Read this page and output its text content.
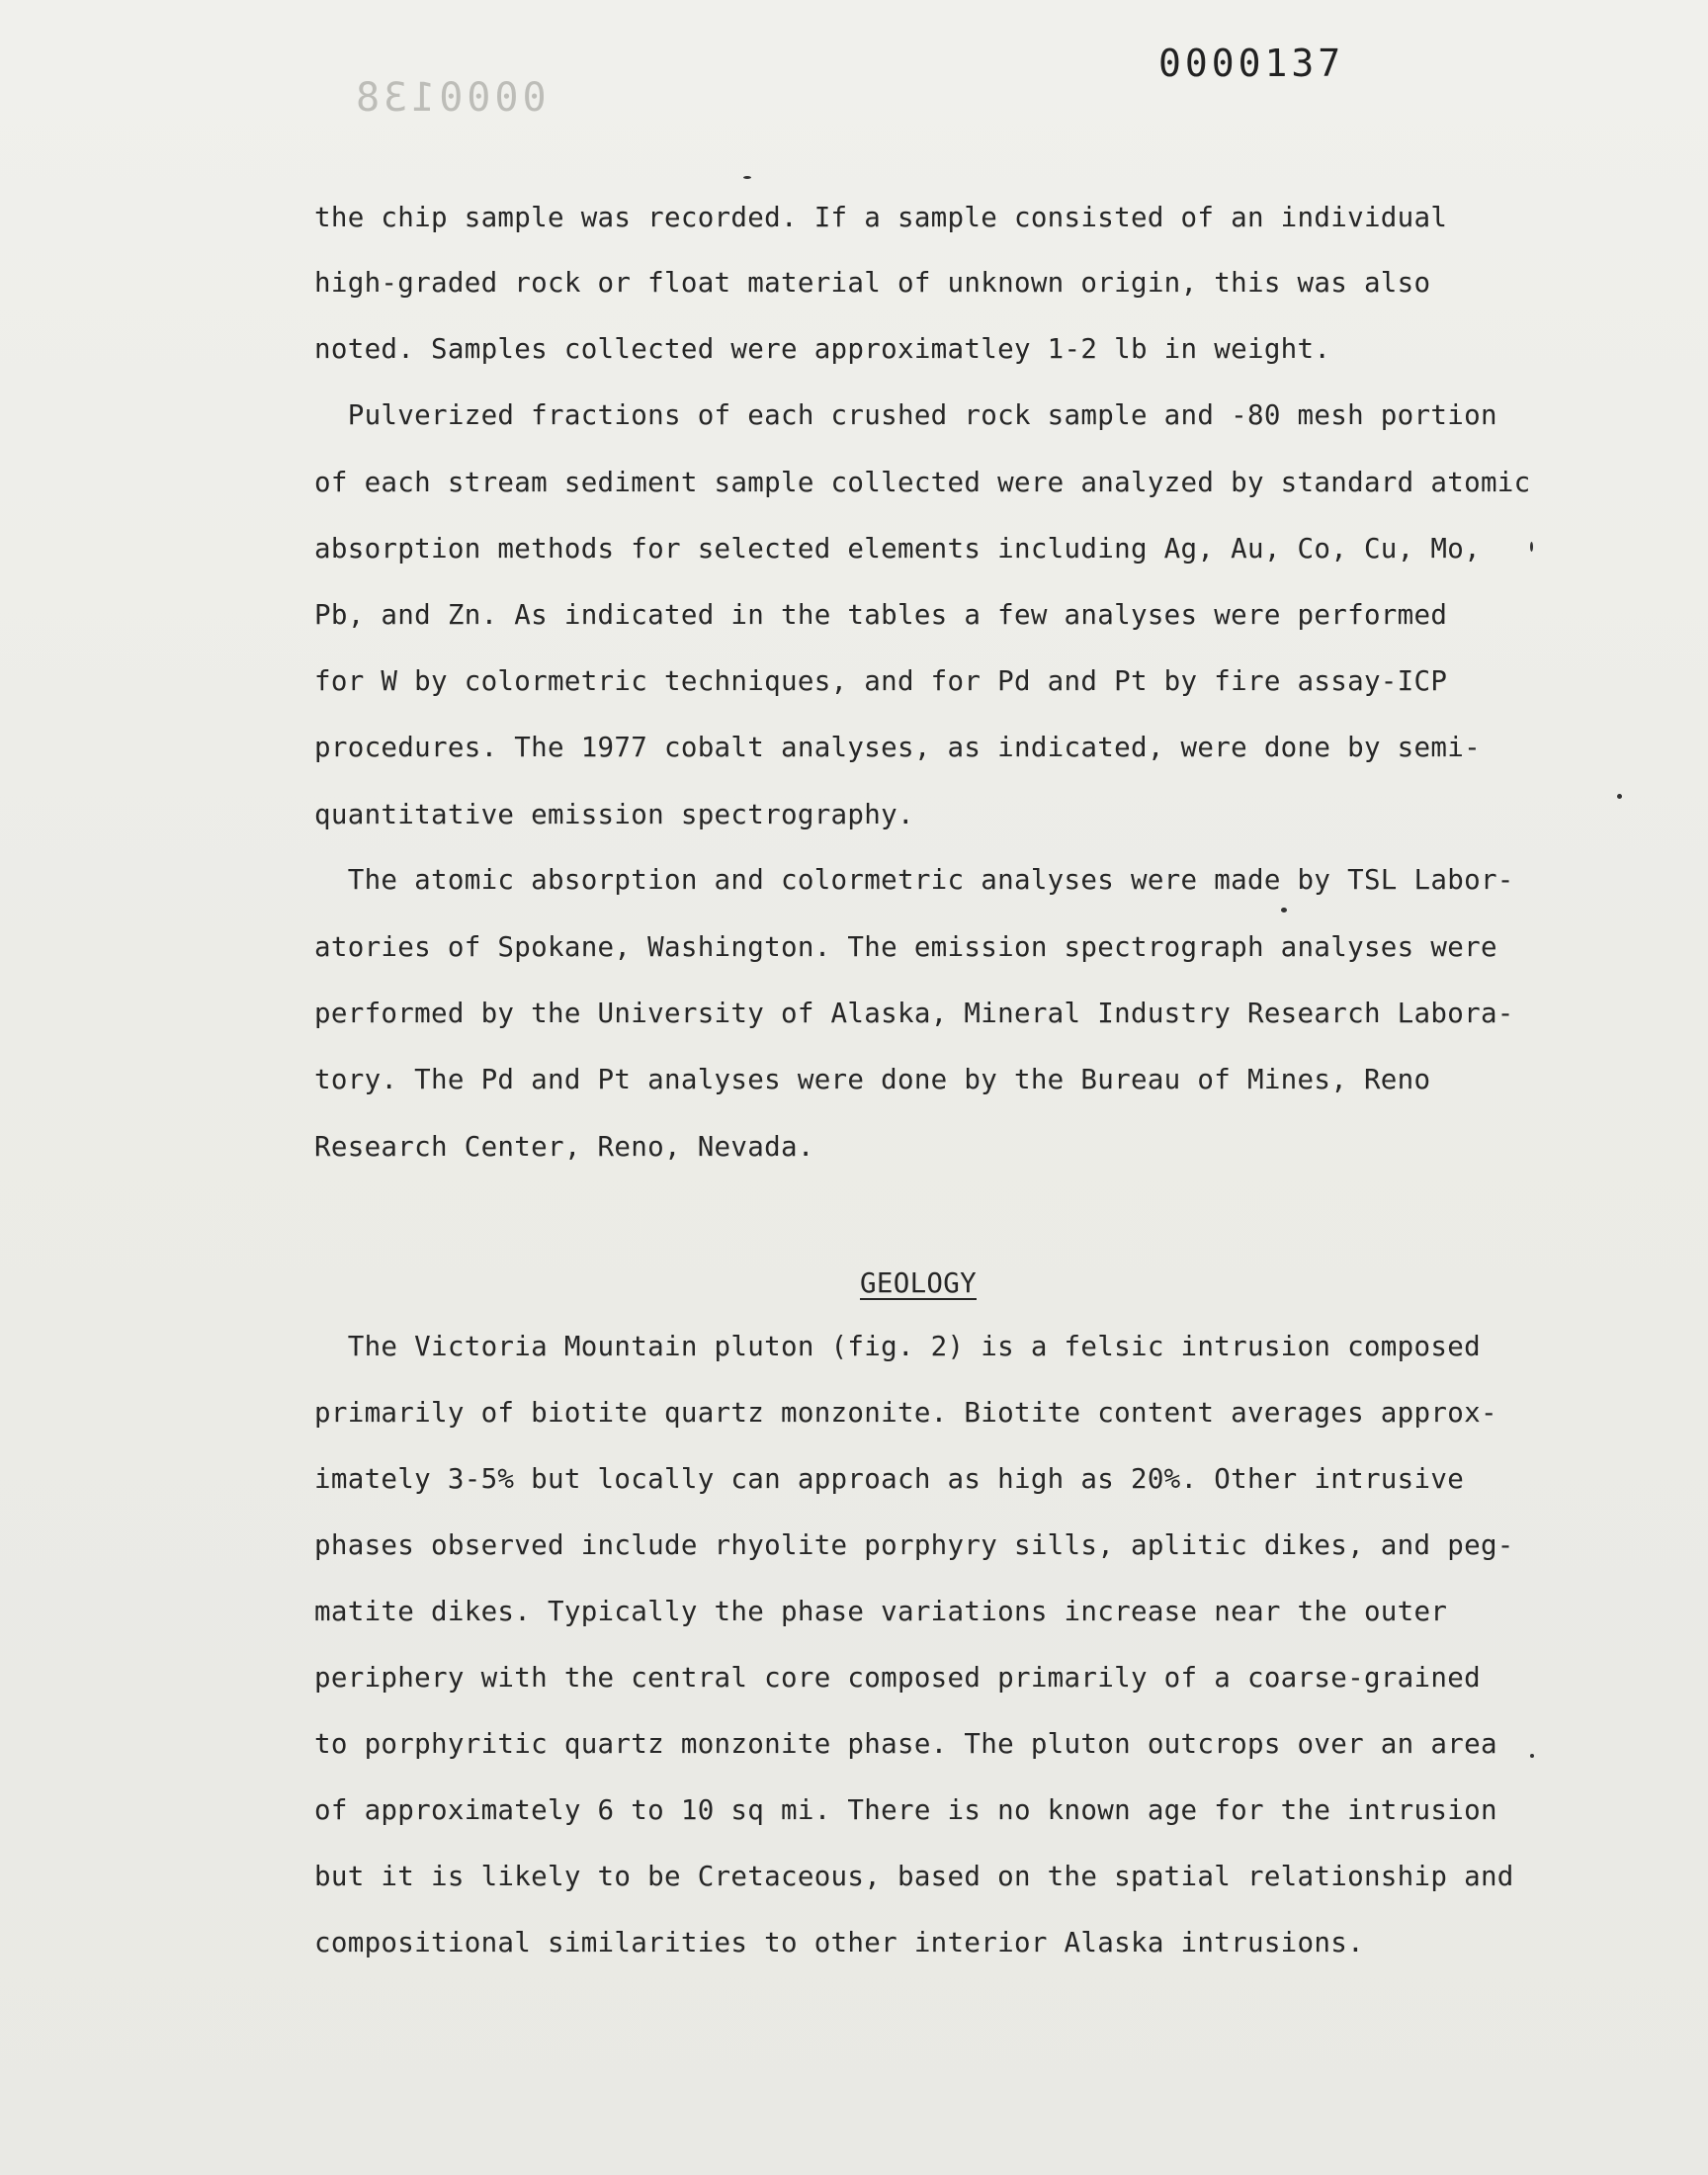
0000138
0000137
the chip sample was recorded. If a sample consisted of an individual
high-graded rock or float material of unknown origin, this was also
noted. Samples collected were approximatley 1-2 lb in weight.
Pulverized fractions of each crushed rock sample and -80 mesh portion
of each stream sediment sample collected were analyzed by standard atomic
absorption methods for selected elements including Ag, Au, Co, Cu, Mo,
Pb, and Zn. As indicated in the tables a few analyses were performed
for W by colormetric techniques, and for Pd and Pt by fire assay-ICP
procedures. The 1977 cobalt analyses, as indicated, were done by semi-
quantitative emission spectrography.
The atomic absorption and colormetric analyses were made by TSL Labor-
atories of Spokane, Washington. The emission spectrograph analyses were
performed by the University of Alaska, Mineral Industry Research Labora-
tory. The Pd and Pt analyses were done by the Bureau of Mines, Reno
Research Center, Reno, Nevada.
GEOLOGY
The Victoria Mountain pluton (fig. 2) is a felsic intrusion composed
primarily of biotite quartz monzonite. Biotite content averages approx-
imately 3-5% but locally can approach as high as 20%. Other intrusive
phases observed include rhyolite porphyry sills, aplitic dikes, and peg-
matite dikes. Typically the phase variations increase near the outer
periphery with the central core composed primarily of a coarse-grained
to porphyritic quartz monzonite phase. The pluton outcrops over an area
of approximately 6 to 10 sq mi. There is no known age for the intrusion
but it is likely to be Cretaceous, based on the spatial relationship and
compositional similarities to other interior Alaska intrusions.
